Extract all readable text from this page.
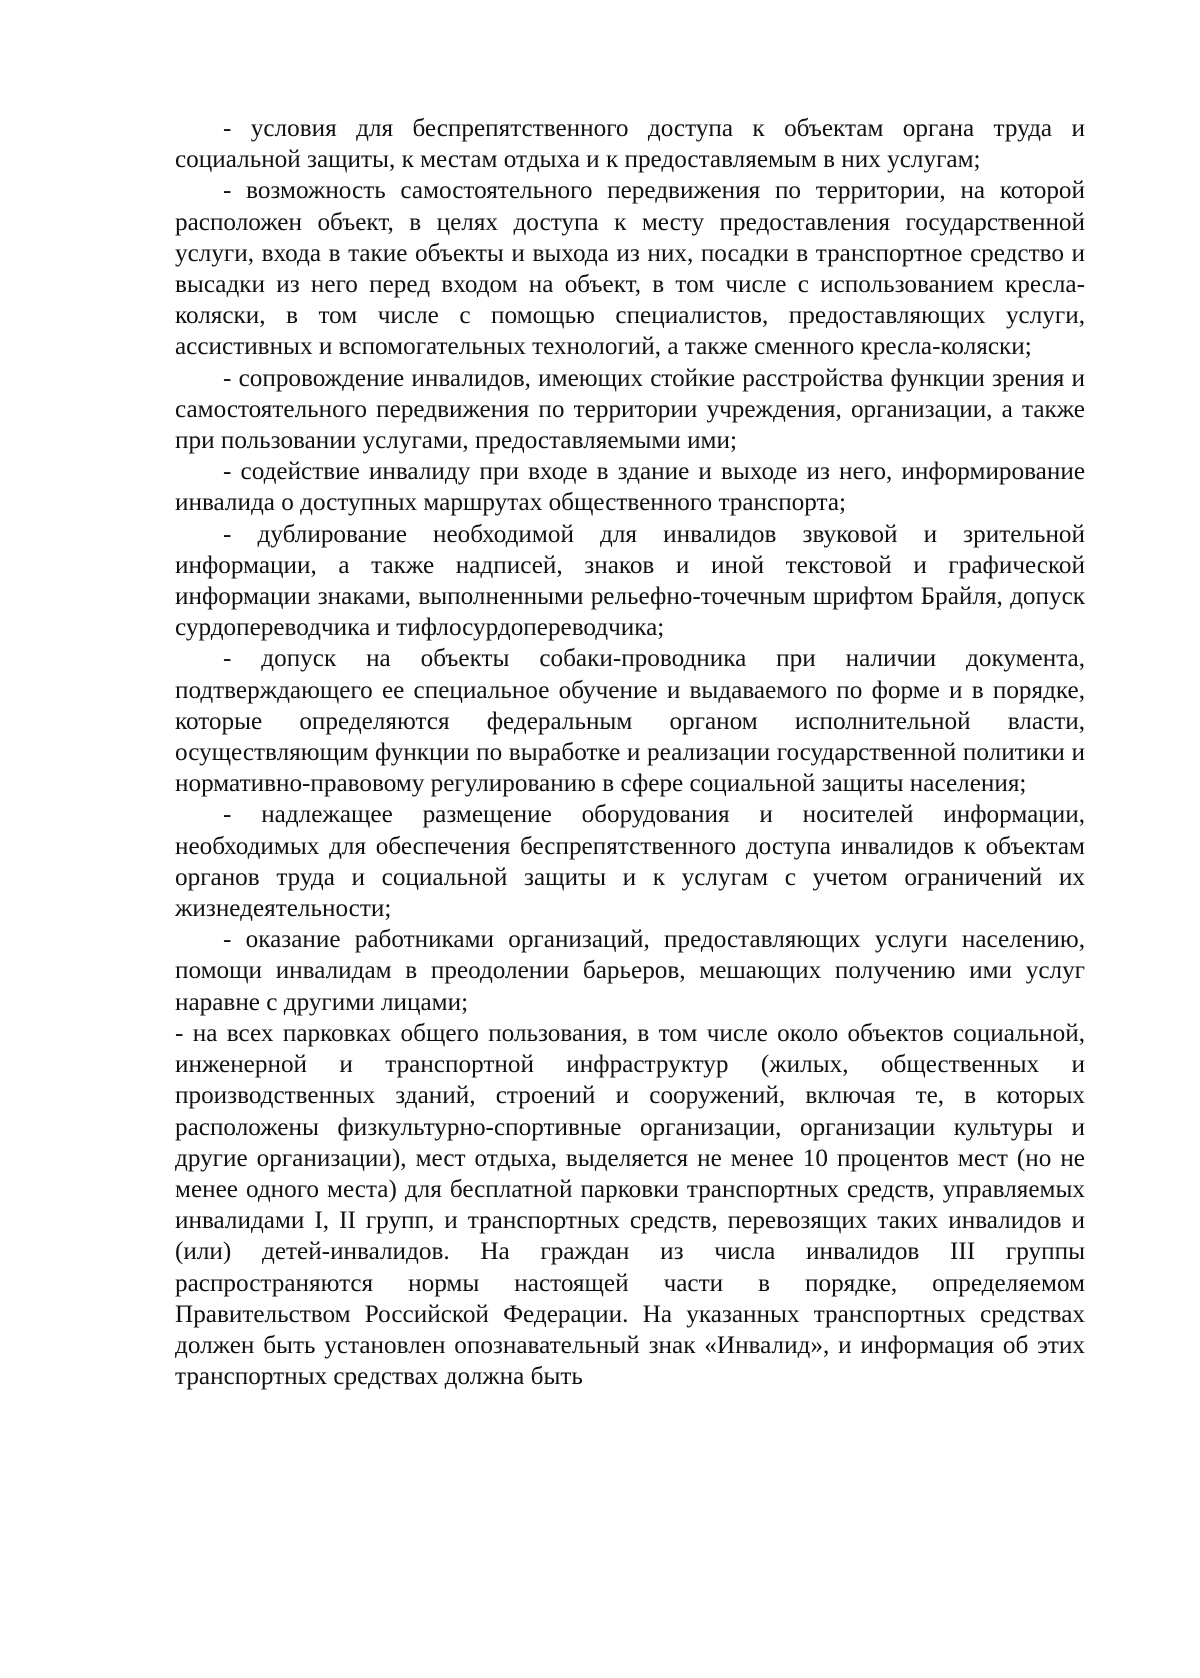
- условия для беспрепятственного доступа к объектам органа труда и социальной защиты, к местам отдыха и к предоставляемым в них услугам;

- возможность самостоятельного передвижения по территории, на которой расположен объект, в целях доступа к месту предоставления государственной услуги, входа в такие объекты и выхода из них, посадки в транспортное средство и высадки из него перед входом на объект, в том числе с использованием кресла-коляски, в том числе с помощью специалистов, предоставляющих услуги, ассистивных и вспомогательных технологий, а также сменного кресла-коляски;

- сопровождение инвалидов, имеющих стойкие расстройства функции зрения и самостоятельного передвижения по территории учреждения, организации, а также при пользовании услугами, предоставляемыми ими;

- содействие инвалиду при входе в здание и выходе из него, информирование инвалида о доступных маршрутах общественного транспорта;

- дублирование необходимой для инвалидов звуковой и зрительной информации, а также надписей, знаков и иной текстовой и графической информации знаками, выполненными рельефно-точечным шрифтом Брайля, допуск сурдопереводчика и тифлосурдопереводчика;

- допуск на объекты собаки-проводника при наличии документа, подтверждающего ее специальное обучение и выдаваемого по форме и в порядке, которые определяются федеральным органом исполнительной власти, осуществляющим функции по выработке и реализации государственной политики и нормативно-правовому регулированию в сфере социальной защиты населения;

- надлежащее размещение оборудования и носителей информации, необходимых для обеспечения беспрепятственного доступа инвалидов к объектам органов труда и социальной защиты и к услугам с учетом ограничений их жизнедеятельности;

- оказание работниками организаций, предоставляющих услуги населению, помощи инвалидам в преодолении барьеров, мешающих получению ими услуг наравне с другими лицами;

- на всех парковках общего пользования, в том числе около объектов социальной, инженерной и транспортной инфраструктур (жилых, общественных и производственных зданий, строений и сооружений, включая те, в которых расположены физкультурно-спортивные организации, организации культуры и другие организации), мест отдыха, выделяется не менее 10 процентов мест (но не менее одного места) для бесплатной парковки транспортных средств, управляемых инвалидами I, II групп, и транспортных средств, перевозящих таких инвалидов и (или) детей-инвалидов. На граждан из числа инвалидов III группы распространяются нормы настоящей части в порядке, определяемом Правительством Российской Федерации. На указанных транспортных средствах должен быть установлен опознавательный знак «Инвалид», и информация об этих транспортных средствах должна быть
